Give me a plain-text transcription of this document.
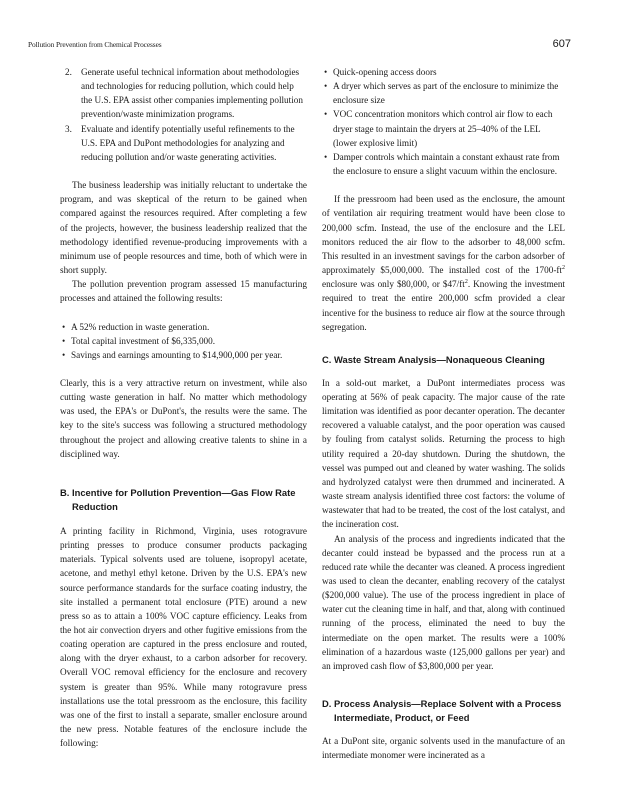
Pollution Prevention from Chemical Processes	607
2. Generate useful technical information about methodologies and technologies for reducing pollution, which could help the U.S. EPA assist other companies implementing pollution prevention/waste minimization programs.
3. Evaluate and identify potentially useful refinements to the U.S. EPA and DuPont methodologies for analyzing and reducing pollution and/or waste generating activities.

The business leadership was initially reluctant to undertake the program, and was skeptical of the return to be gained when compared against the resources required. After completing a few of the projects, however, the business leadership realized that the methodology identified revenue-producing improvements with a minimum use of people resources and time, both of which were in short supply.

The pollution prevention program assessed 15 manufacturing processes and attained the following results:

• A 52% reduction in waste generation.
• Total capital investment of $6,335,000.
• Savings and earnings amounting to $14,900,000 per year.

Clearly, this is a very attractive return on investment, while also cutting waste generation in half. No matter which methodology was used, the EPA's or DuPont's, the results were the same. The key to the site's success was following a structured methodology throughout the project and allowing creative talents to shine in a disciplined way.

B. Incentive for Pollution Prevention—Gas Flow Rate Reduction

A printing facility in Richmond, Virginia, uses rotogravure printing presses to produce consumer products packaging materials. Typical solvents used are toluene, isopropyl acetate, acetone, and methyl ethyl ketone. Driven by the U.S. EPA's new source performance standards for the surface coating industry, the site installed a permanent total enclosure (PTE) around a new press so as to attain a 100% VOC capture efficiency. Leaks from the hot air convection dryers and other fugitive emissions from the coating operation are captured in the press enclosure and routed, along with the dryer exhaust, to a carbon adsorber for recovery. Overall VOC removal efficiency for the enclosure and recovery system is greater than 95%. While many rotogravure press installations use the total pressroom as the enclosure, this facility was one of the first to install a separate, smaller enclosure around the new press. Notable features of the enclosure include the following:

• Quick-opening access doors
• A dryer which serves as part of the enclosure to minimize the enclosure size
• VOC concentration monitors which control air flow to each dryer stage to maintain the dryers at 25–40% of the LEL (lower explosive limit)
• Damper controls which maintain a constant exhaust rate from the enclosure to ensure a slight vacuum within the enclosure.

If the pressroom had been used as the enclosure, the amount of ventilation air requiring treatment would have been close to 200,000 scfm. Instead, the use of the enclosure and the LEL monitors reduced the air flow to the adsorber to 48,000 scfm. This resulted in an investment savings for the carbon adsorber of approximately $5,000,000. The installed cost of the $1700-ft^2$ enclosure was only $80,000, or $\$47/ft^2$. Knowing the investment required to treat the entire 200,000 scfm provided a clear incentive for the business to reduce air flow at the source through segregation.

C. Waste Stream Analysis—Nonaqueous Cleaning

In a sold-out market, a DuPont intermediates process was operating at 56% of peak capacity. The major cause of the rate limitation was identified as poor decanter operation. The decanter recovered a valuable catalyst, and the poor operation was caused by fouling from catalyst solids. Returning the process to high utility required a 20-day shutdown. During the shutdown, the vessel was pumped out and cleaned by water washing. The solids and hydrolyzed catalyst were then drummed and incinerated. A waste stream analysis identified three cost factors: the volume of wastewater that had to be treated, the cost of the lost catalyst, and the incineration cost.

An analysis of the process and ingredients indicated that the decanter could instead be bypassed and the process run at a reduced rate while the decanter was cleaned. A process ingredient was used to clean the decanter, enabling recovery of the catalyst ($200,000 value). The use of the process ingredient in place of water cut the cleaning time in half, and that, along with continued running of the process, eliminated the need to buy the intermediate on the open market. The results were a 100% elimination of a hazardous waste (125,000 gallons per year) and an improved cash flow of $3,800,000 per year.

D. Process Analysis—Replace Solvent with a Process Intermediate, Product, or Feed

At a DuPont site, organic solvents used in the manufacture of an intermediate monomer were incinerated as a
